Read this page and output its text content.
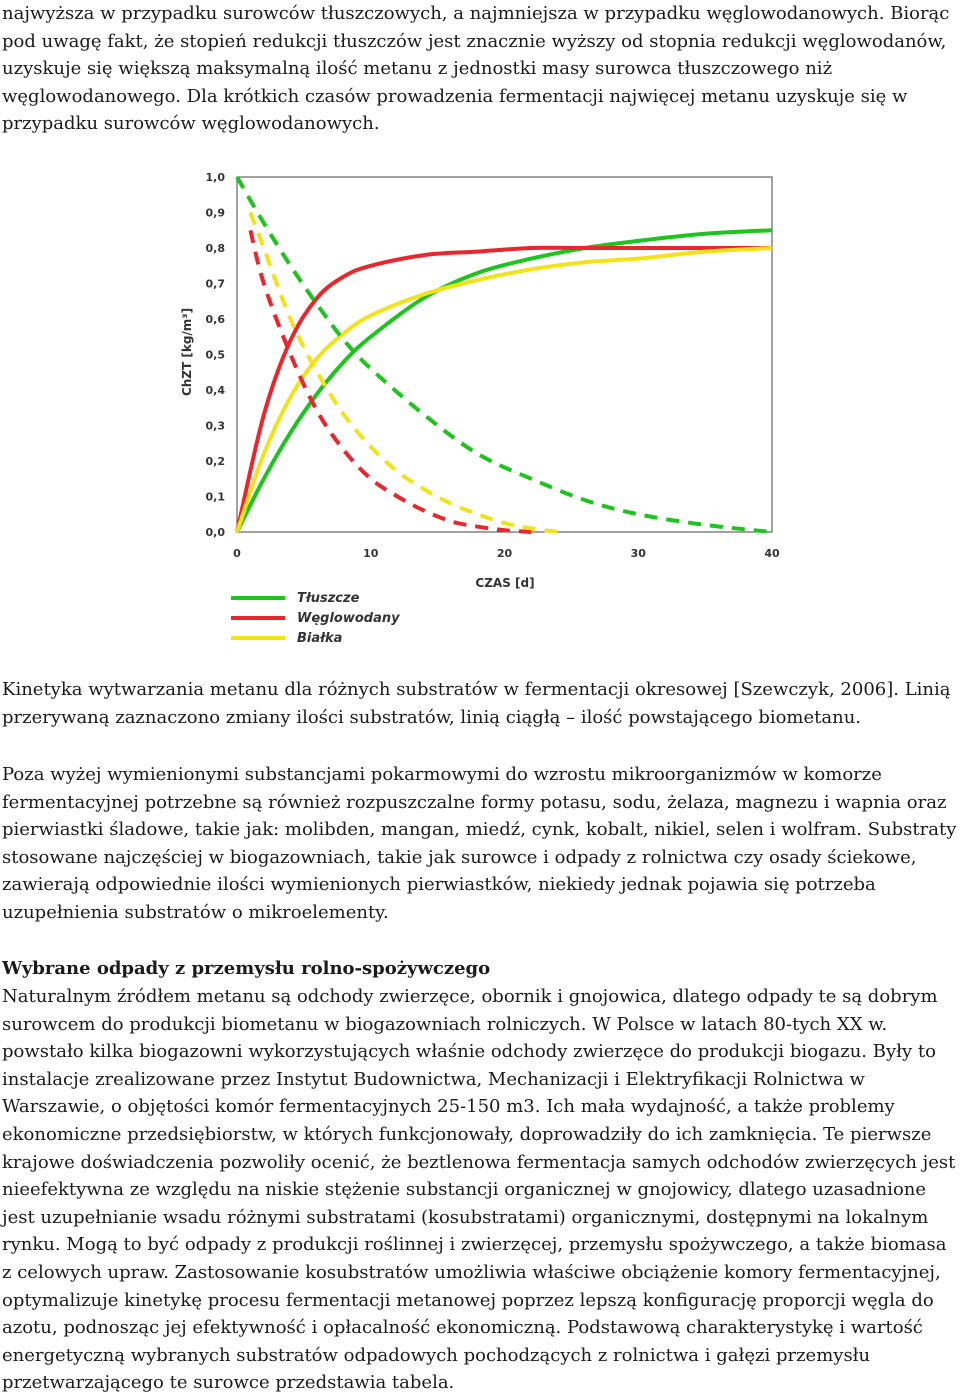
najwyższa w przypadku surowców tłuszczowych, a najmniejsza w przypadku węglowodanowych. Biorąc pod uwagę fakt, że stopień redukcji tłuszczów jest znacznie wyższy od stopnia redukcji węglowodanów, uzyskuje się większą maksymalną ilość metanu z jednostki masy surowca tłuszczowego niż węglowodanowego. Dla krótkich czasów prowadzenia fermentacji najwięcej metanu uzyskuje się w przypadku surowców węglowodanowych.

0,0
0,1
0,2
0,3
0,4
0,5
0,6
0,7
0,8
0,9
1,0
0	10	20	30	40
CZAS [d]
ChZT [kg/m³]
Tłuszcze
Węglowodany
Białka

Kinetyka wytwarzania metanu dla różnych substratów w fermentacji okresowej [Szewczyk, 2006]. Linią przerywaną zaznaczono zmiany ilości substratów, linią ciągłą – ilość powstającego biometanu.

Poza wyżej wymienionymi substancjami pokarmowymi do wzrostu mikroorganizmów w komorze fermentacyjnej potrzebne są również rozpuszczalne formy potasu, sodu, żelaza, magnezu i wapnia oraz pierwiastki śladowe, takie jak: molibden, mangan, miedź, cynk, kobalt, nikiel, selen i wolfram. Substraty stosowane najczęściej w biogazowniach, takie jak surowce i odpady z rolnictwa czy osady ściekowe, zawierają odpowiednie ilości wymienionych pierwiastków, niekiedy jednak pojawia się potrzeba uzupełnienia substratów o mikroelementy.

Wybrane odpady z przemysłu rolno-spożywczego

Naturalnym źródłem metanu są odchody zwierzęce, obornik i gnojowica, dlatego odpady te są dobrym surowcem do produkcji biometanu w biogazowniach rolniczych. W Polsce w latach 80-tych XX w. powstało kilka biogazowni wykorzystujących właśnie odchody zwierzęce do produkcji biogazu. Były to instalacje zrealizowane przez Instytut Budownictwa, Mechanizacji i Elektryfikacji Rolnictwa w Warszawie, o objętości komór fermentacyjnych 25-150 m3. Ich mała wydajność, a także problemy ekonomiczne przedsiębiorstw, w których funkcjonowały, doprowadziły do ich zamknięcia. Te pierwsze krajowe doświadczenia pozwoliły ocenić, że beztlenowa fermentacja samych odchodów zwierzęcych jest nieefektywna ze względu na niskie stężenie substancji organicznej w gnojowicy, dlatego uzasadnione jest uzupełnianie wsadu różnymi substratami (kosubstratami) organicznymi, dostępnymi na lokalnym rynku. Mogą to być odpady z produkcji roślinnej i zwierzęcej, przemysłu spożywczego, a także biomasa z celowych upraw. Zastosowanie kosubstratów umożliwia właściwe obciążenie komory fermentacyjnej, optymalizuje kinetykę procesu fermentacji metanowej poprzez lepszą konfigurację proporcji węgla do azotu, podnosząc jej efektywność i opłacalność ekonomiczną. Podstawową charakterystykę i wartość energetyczną wybranych substratów odpadowych pochodzących z rolnictwa i gałęzi przemysłu przetwarzającego te surowce przedstawia tabela.
